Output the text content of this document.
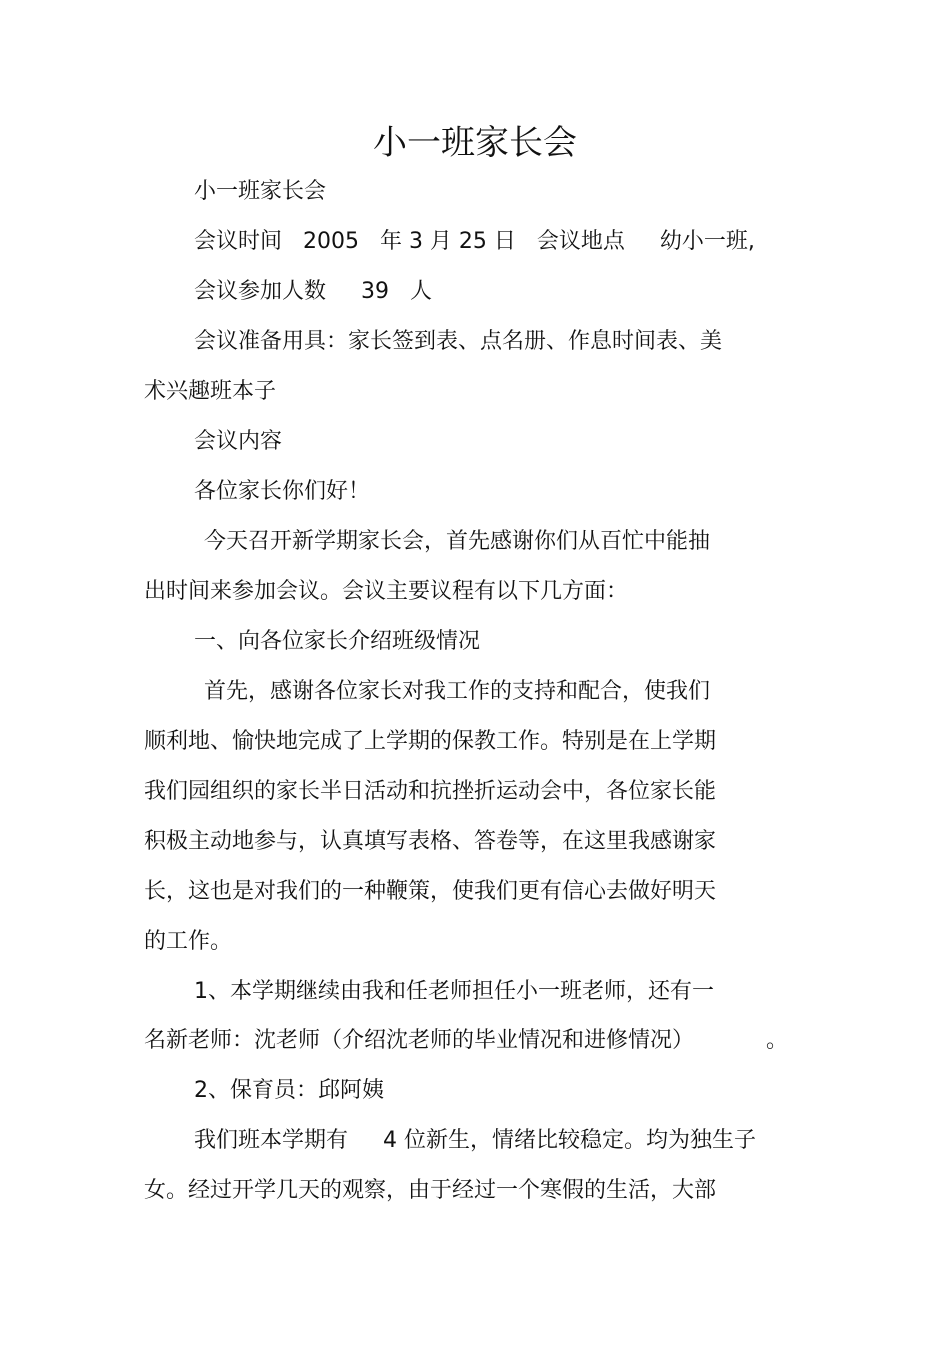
小一班家长会
小一班家长会
会议时间   2005   年 3 月 25 日   会议地点     幼小一班,
会议参加人数     39   人
会议准备用具：家长签到表、点名册、作息时间表、美
术兴趣班本子
会议内容
各位家长你们好！
今天召开新学期家长会，首先感谢你们从百忙中能抽
出时间来参加会议。会议主要议程有以下几方面：
一、向各位家长介绍班级情况
首先，感谢各位家长对我工作的支持和配合，使我们
顺利地、愉快地完成了上学期的保教工作。特别是在上学期
我们园组织的家长半日活动和抗挫折运动会中，各位家长能
积极主动地参与，认真填写表格、答卷等，在这里我感谢家
长，这也是对我们的一种鞭策，使我们更有信心去做好明天
的工作。
1、本学期继续由我和任老师担任小一班老师，还有一
名新老师：沈老师（介绍沈老师的毕业情况和进修情况）	。
2、保育员：邱阿姨
我们班本学期有     4 位新生，情绪比较稳定。均为独生子
女。经过开学几天的观察，由于经过一个寒假的生活，大部
